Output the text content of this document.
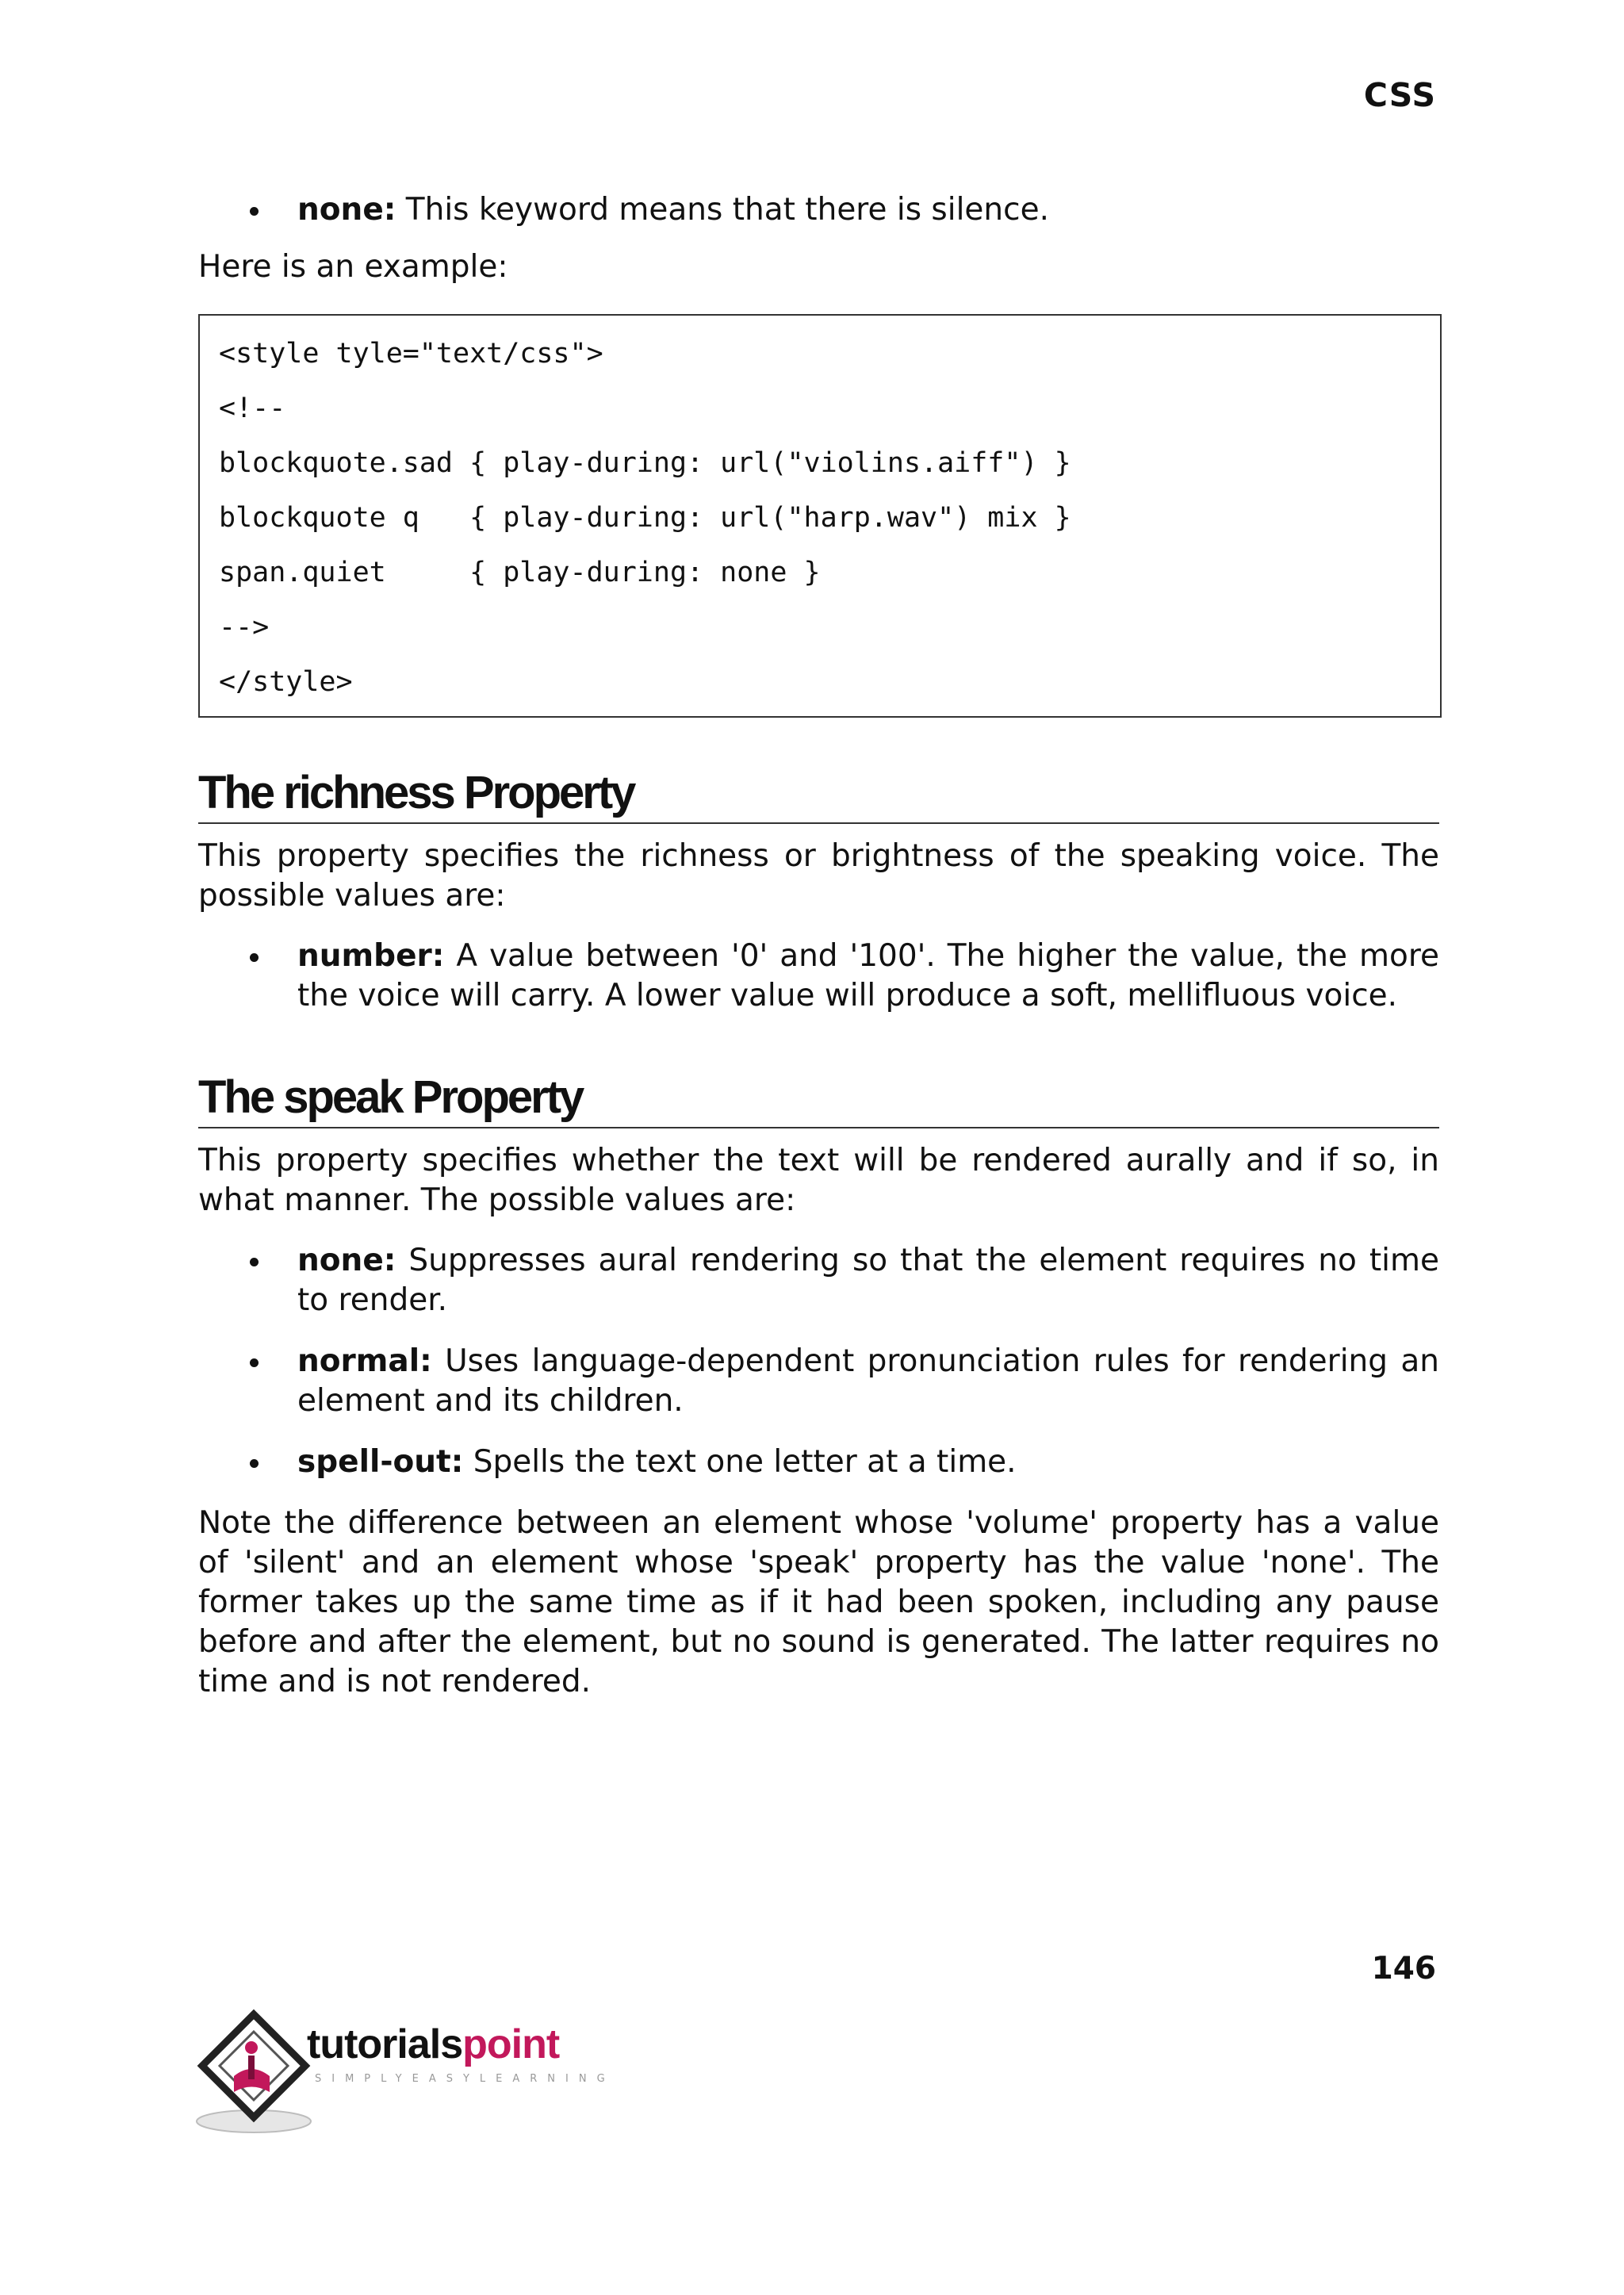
CSS
none: This keyword means that there is silence.

Here is an example:

<style tyle="text/css">
<!--
blockquote.sad { play-during: url("violins.aiff") }
blockquote q   { play-during: url("harp.wav") mix }
span.quiet     { play-during: none }
-->
</style>
The richness Property

This property specifies the richness or brightness of the speaking voice. The possible values are:

number: A value between '0' and '100'. The higher the value, the more the voice will carry. A lower value will produce a soft, mellifluous voice.
The speak Property

This property specifies whether the text will be rendered aurally and if so, in what manner. The possible values are:

none: Suppresses aural rendering so that the element requires no time to render.
normal: Uses language-dependent pronunciation rules for rendering an element and its children.
spell-out: Spells the text one letter at a time.

Note the difference between an element whose 'volume' property has a value of 'silent' and an element whose 'speak' property has the value 'none'. The former takes up the same time as if it had been spoken, including any pause before and after the element, but no sound is generated. The latter requires no time and is not rendered.

146
tutorialspoint
SIMPLYEASYLEARNING
